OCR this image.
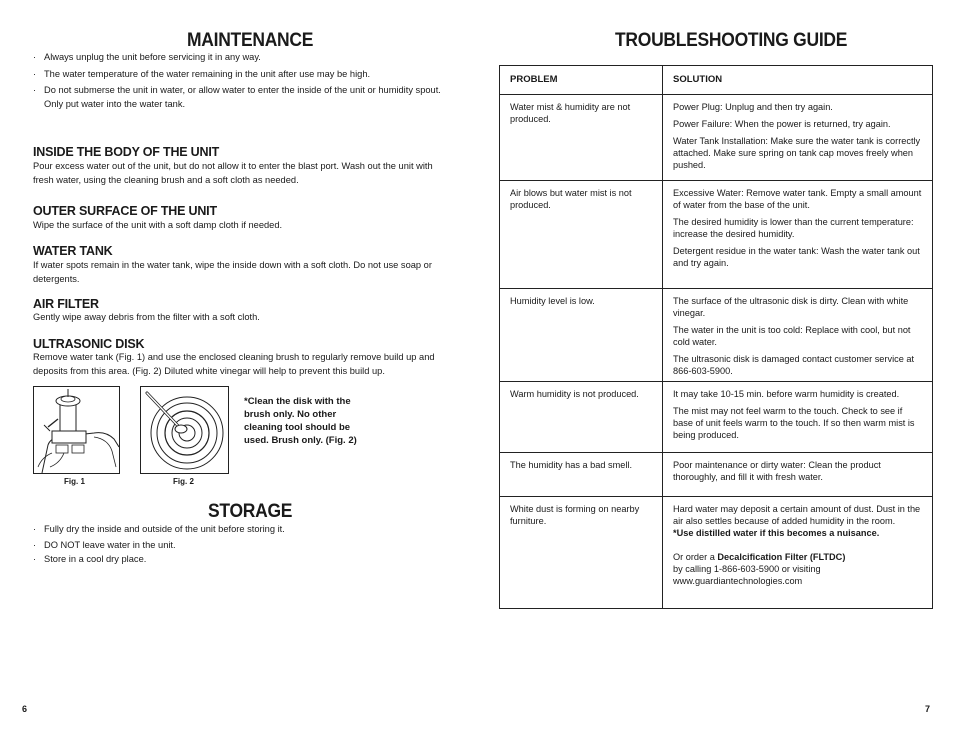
MAINTENANCE
· Always unplug the unit before servicing it in any way.
· The water temperature of the water remaining in the unit after use may be high.
· Do not submerse the unit in water, or allow water to enter the inside of the unit or humidity spout. Only put water into the water tank.
INSIDE THE BODY OF THE UNIT
Pour excess water out of the unit, but do not allow it to enter the blast port. Wash out the unit with fresh water, using the cleaning brush and a soft cloth as needed.
OUTER SURFACE OF THE UNIT
Wipe the surface of the unit with a soft damp cloth if needed.
WATER TANK
If water spots remain in the water tank, wipe the inside down with a soft cloth. Do not use soap or detergents.
AIR FILTER
Gently wipe away debris from the filter with a soft cloth.
ULTRASONIC DISK
Remove water tank (Fig. 1) and use the enclosed cleaning brush to regularly remove build up and deposits from this area. (Fig. 2) Diluted white vinegar will help to prevent this build up.
Fig. 1	Fig. 2
*Clean the disk with the brush only. No other cleaning tool should be used. Brush only. (Fig. 2)
STORAGE
· Fully dry the inside and outside of the unit before storing it.
· DO NOT leave water in the unit.
· Store in a cool dry place.
6
TROUBLESHOOTING GUIDE
PROBLEM	SOLUTION
Water mist & humidity are not produced.	Power Plug: Unplug and then try again.

Power Failure: When the power is returned, try again.

Water Tank Installation: Make sure the water tank is correctly attached. Make sure spring on tank cap moves freely when pushed.

Air blows but water mist is not produced.	Excessive Water: Remove water tank. Empty a small amount of water from the base of the unit.

The desired humidity is lower than the current temperature: increase the desired humidity.

Detergent residue in the water tank: Wash the water tank out and try again.

Humidity level is low.	The surface of the ultrasonic disk is dirty. Clean with white vinegar.

The water in the unit is too cold: Replace with cool, but not cold water.

The ultrasonic disk is damaged contact customer service at 866-603-5900.

Warm humidity is not produced.	It may take 10-15 min. before warm humidity is created.

The mist may not feel warm to the touch. Check to see if base of unit feels warm to the touch. If so then warm mist is being produced.

The humidity has a bad smell.	Poor maintenance or dirty water: Clean the product thoroughly, and fill it with fresh water.

White dust is forming on nearby furniture.	Hard water may deposit a certain amount of dust. Dust in the air also settles because of added humidity in the room.
*Use distilled water if this becomes a nuisance.

Or order a Decalcification Filter (FLTDC)
by calling 1-866-603-5900 or visiting
www.guardiantechnologies.com

7
